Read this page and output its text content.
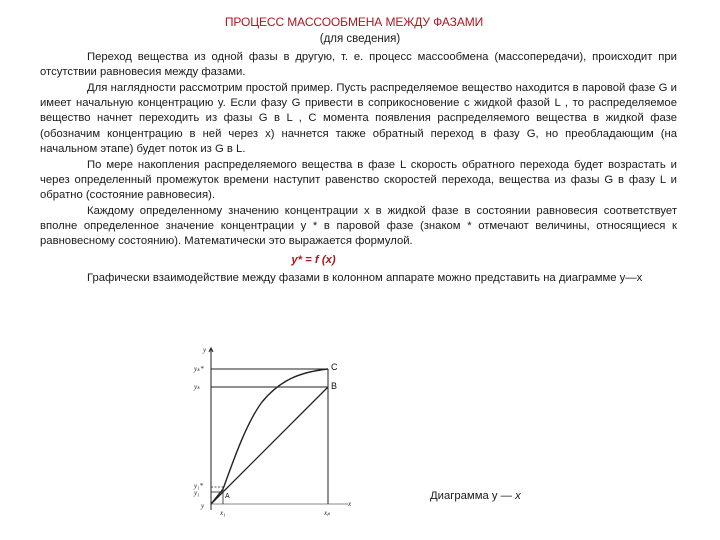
ПРОЦЕСС МАССООБМЕНА МЕЖДУ ФАЗАМИ
(для сведения)

Переход вещества из одной фазы в другую, т. е. процесс массообмена (массопередачи), происходит при отсутствии равновесия между фазами.

Для наглядности рассмотрим простой пример. Пусть распределяемое вещество находится в паровой фазе G и имеет начальную концентрацию y. Если фазу G привести в соприкосновение с жидкой фазой L , то распределяемое вещество начнет переходить из фазы G в L , С момента появления распределяемого вещества в жидкой фазе (обозначим концентрацию в ней через x) начнется также обратный переход в фазу G, но преобладающим (на начальном этапе) будет поток из G в L.

По мере накопления распределяемого вещества в фазе L скорость обратного перехода будет возрастать и через определенный промежуток времени наступит равенство скоростей перехода, вещества из фазы G в фазу L и обратно (состояние равновесия).

Каждому определенному значению концентрации x в жидкой фазе в состоянии равновесия соответствует вполне определенное значение концентрации y * в паровой фазе (знаком * отмечают величины, относящиеся к равновесному состоянию). Математически это выражается формулой.

y* = f (x)

Графически взаимодействие между фазами в колонном аппарате можно представить на диаграмме y—x

y
yₖ*
yₖ
y₁*
y₁
y
x₁	xₚ
x
A
B
C
Диаграмма y — x
